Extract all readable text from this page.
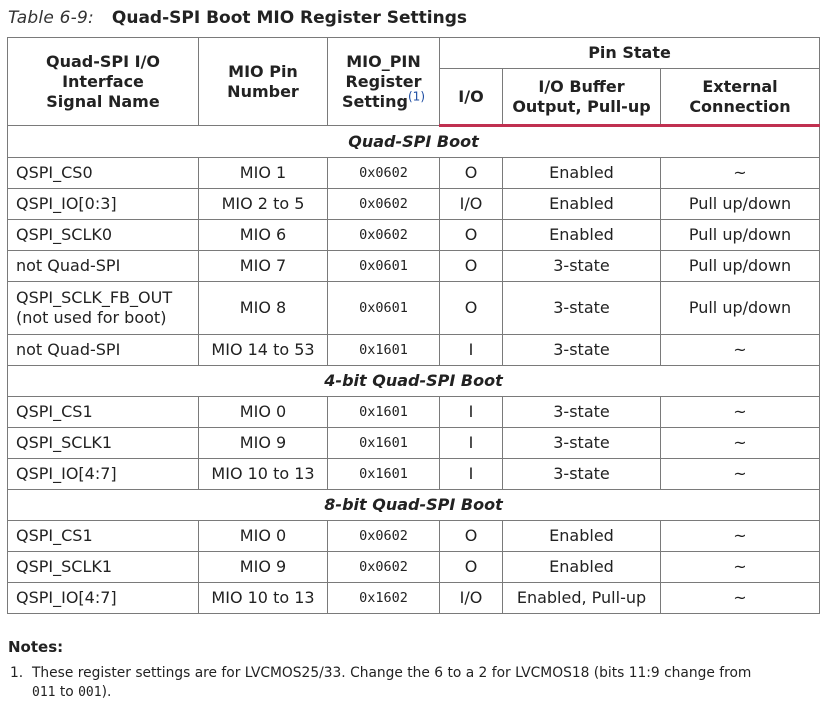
Table 6-9: Quad-SPI Boot MIO Register Settings
Quad-SPI I/O Interface Signal Name	MIO Pin Number	MIO_PIN Register Setting$^{(1)}$	Pin State		
			I/O	I/O Buffer Output, Pull-up	External Connection

Quad-SPI Boot					
QSPI_CS0	MIO 1	0x0602	O	Enabled	~
QSPI_IO[0:3]	MIO 2 to 5	0x0602	I/O	Enabled	Pull up/down
QSPI_SCLK0	MIO 6	0x0602	O	Enabled	Pull up/down
not Quad-SPI	MIO 7	0x0601	O	3-state	Pull up/down

QSPI_SCLK_FB_OUT
(not used for boot)	MIO 8	0x0601	O	3-state	Pull up/down
not Quad-SPI	MIO 14 to 53	0x1601	I	3-state	~
4-bit Quad-SPI Boot					
QSPI_CS1	MIO 0	0x1601	I	3-state	~
QSPI_SCLK1	MIO 9	0x1601	I	3-state	~
QSPI_IO[4:7]	MIO 10 to 13	0x1601	I	3-state	~
8-bit Quad-SPI Boot					
QSPI_CS1	MIO 0	0x0602	O	Enabled	~
QSPI_SCLK1	MIO 9	0x0602	O	Enabled	~
QSPI_IO[4:7]	MIO 10 to 13	0x1602	I/O	Enabled, Pull-up	~
Notes:
1. These register settings are for LVCMOS25/33. Change the 6 to a 2 for LVCMOS18 (bits 11:9 change from
011 to 001).
